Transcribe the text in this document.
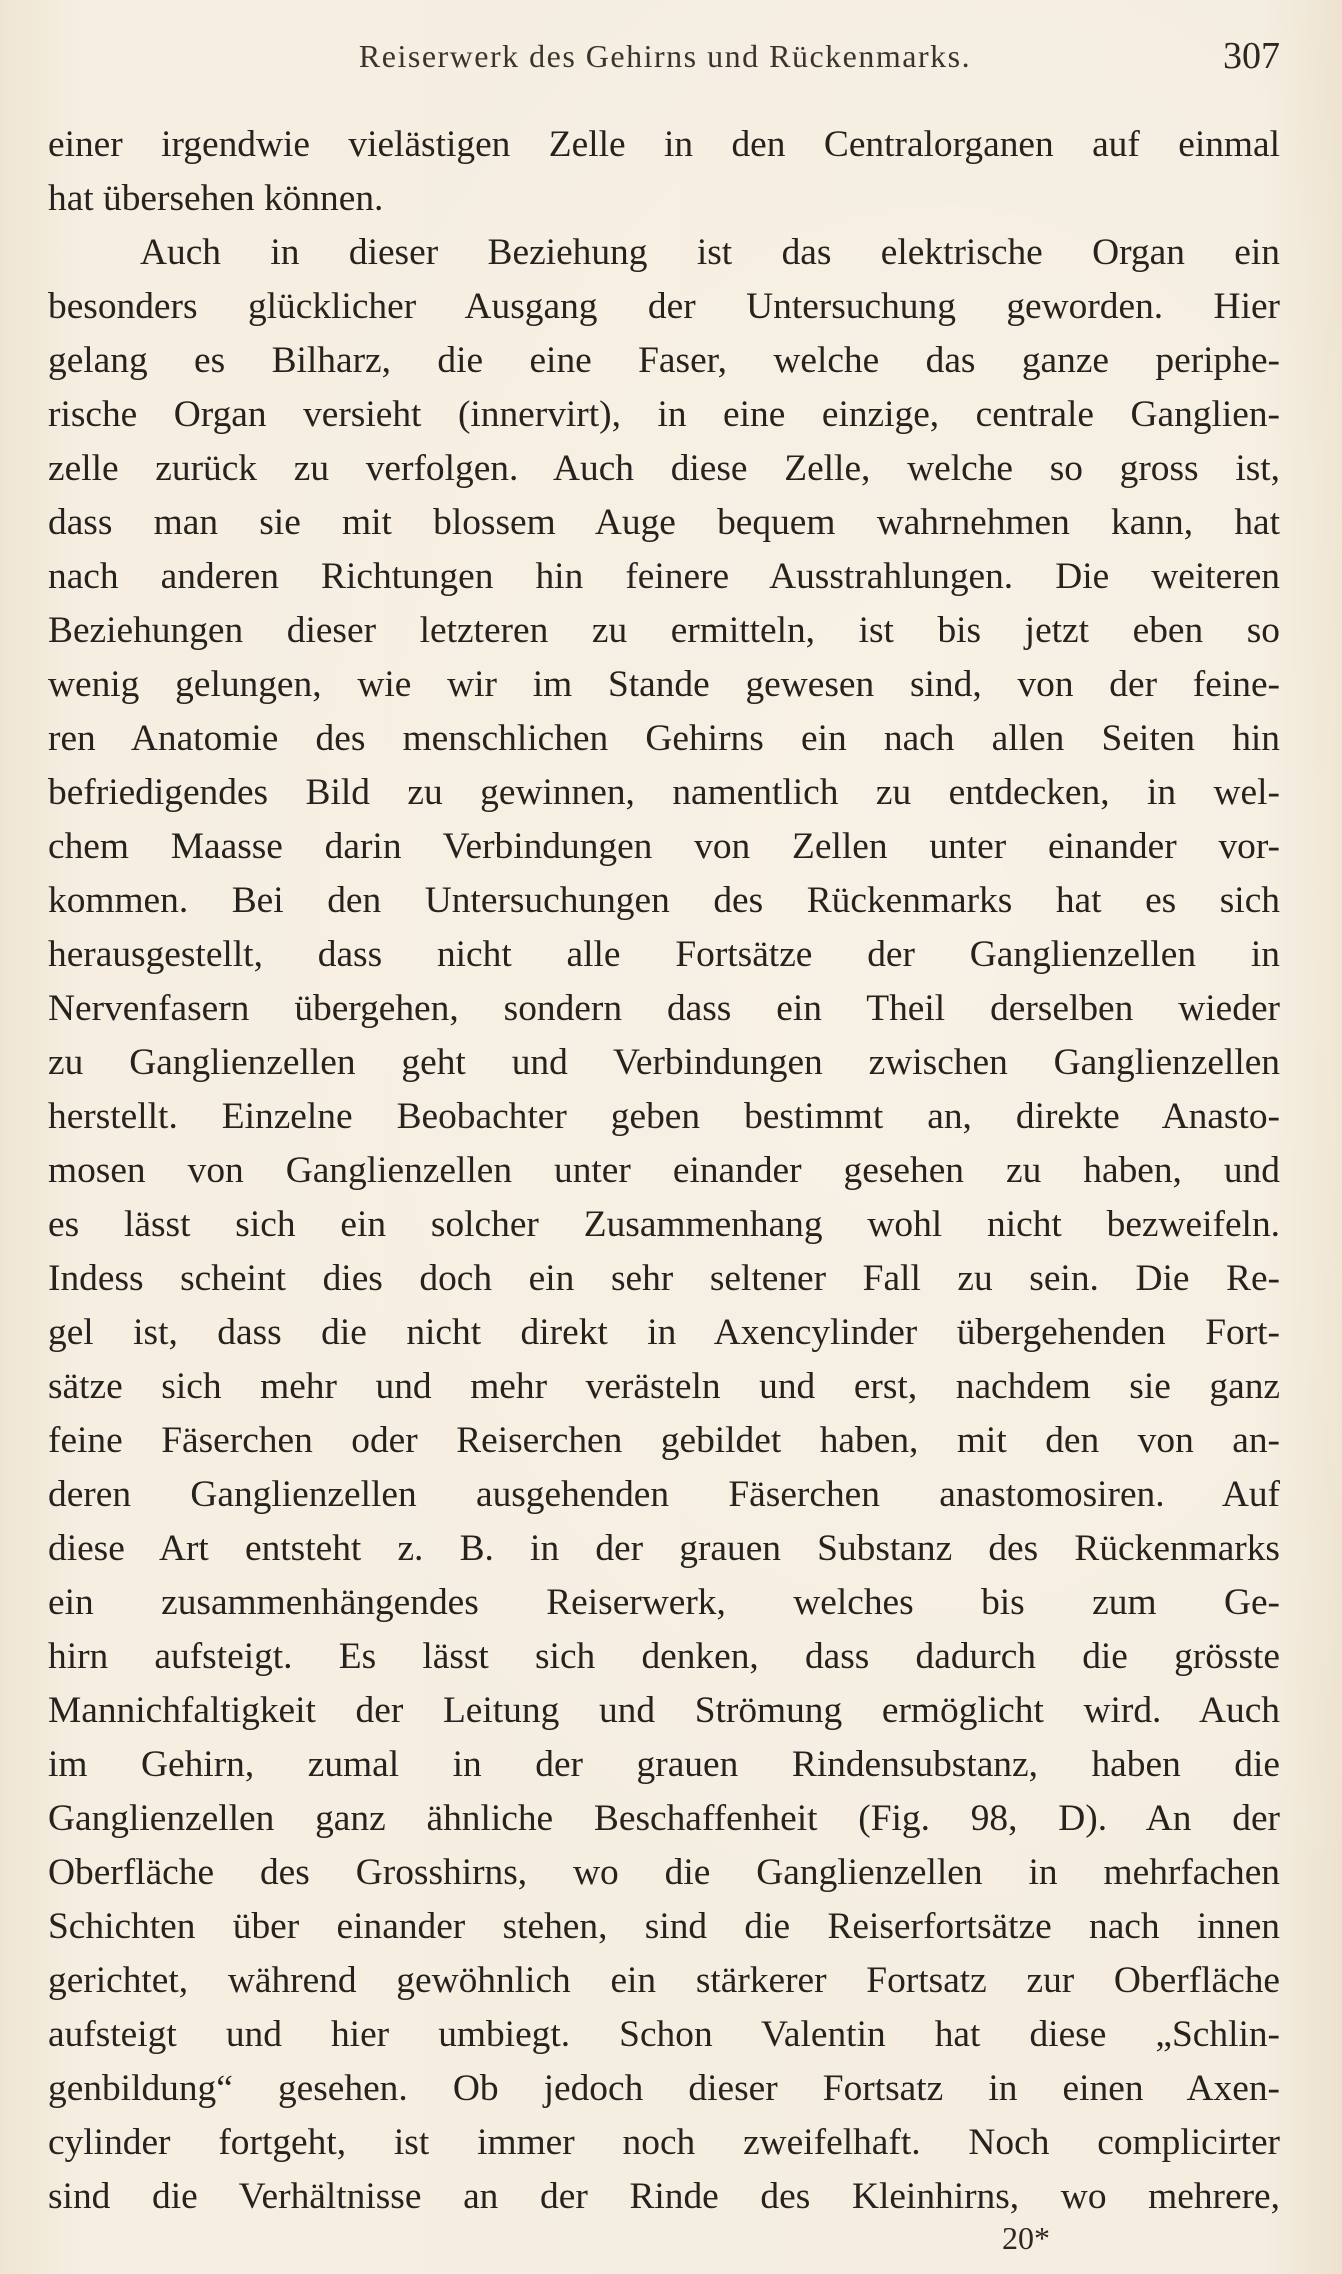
Reiserwerk des Gehirns und Rückenmarks.	307
einer irgendwie vielästigen Zelle in den Centralorganen auf einmal
hat übersehen können.
Auch in dieser Beziehung ist das elektrische Organ ein
besonders glücklicher Ausgang der Untersuchung geworden. Hier
gelang es Bilharz, die eine Faser, welche das ganze periphe-
rische Organ versieht (innervirt), in eine einzige, centrale Ganglien-
zelle zurück zu verfolgen. Auch diese Zelle, welche so gross ist,
dass man sie mit blossem Auge bequem wahrnehmen kann, hat
nach anderen Richtungen hin feinere Ausstrahlungen. Die weiteren
Beziehungen dieser letzteren zu ermitteln, ist bis jetzt eben so
wenig gelungen, wie wir im Stande gewesen sind, von der feine-
ren Anatomie des menschlichen Gehirns ein nach allen Seiten hin
befriedigendes Bild zu gewinnen, namentlich zu entdecken, in wel-
chem Maasse darin Verbindungen von Zellen unter einander vor-
kommen. Bei den Untersuchungen des Rückenmarks hat es sich
herausgestellt, dass nicht alle Fortsätze der Ganglienzellen in
Nervenfasern übergehen, sondern dass ein Theil derselben wieder
zu Ganglienzellen geht und Verbindungen zwischen Ganglienzellen
herstellt. Einzelne Beobachter geben bestimmt an, direkte Anasto-
mosen von Ganglienzellen unter einander gesehen zu haben, und
es lässt sich ein solcher Zusammenhang wohl nicht bezweifeln.
Indess scheint dies doch ein sehr seltener Fall zu sein. Die Re-
gel ist, dass die nicht direkt in Axencylinder übergehenden Fort-
sätze sich mehr und mehr verästeln und erst, nachdem sie ganz
feine Fäserchen oder Reiserchen gebildet haben, mit den von an-
deren Ganglienzellen ausgehenden Fäserchen anastomosiren. Auf
diese Art entsteht z. B. in der grauen Substanz des Rückenmarks
ein zusammenhängendes Reiserwerk, welches bis zum Ge-
hirn aufsteigt. Es lässt sich denken, dass dadurch die grösste
Mannichfaltigkeit der Leitung und Strömung ermöglicht wird. Auch
im Gehirn, zumal in der grauen Rindensubstanz, haben die
Ganglienzellen ganz ähnliche Beschaffenheit (Fig. 98, D). An der
Oberfläche des Grosshirns, wo die Ganglienzellen in mehrfachen
Schichten über einander stehen, sind die Reiserfortsätze nach innen
gerichtet, während gewöhnlich ein stärkerer Fortsatz zur Oberfläche
aufsteigt und hier umbiegt. Schon Valentin hat diese „Schlin-
genbildung“ gesehen. Ob jedoch dieser Fortsatz in einen Axen-
cylinder fortgeht, ist immer noch zweifelhaft. Noch complicirter
sind die Verhältnisse an der Rinde des Kleinhirns, wo mehrere,
20*
